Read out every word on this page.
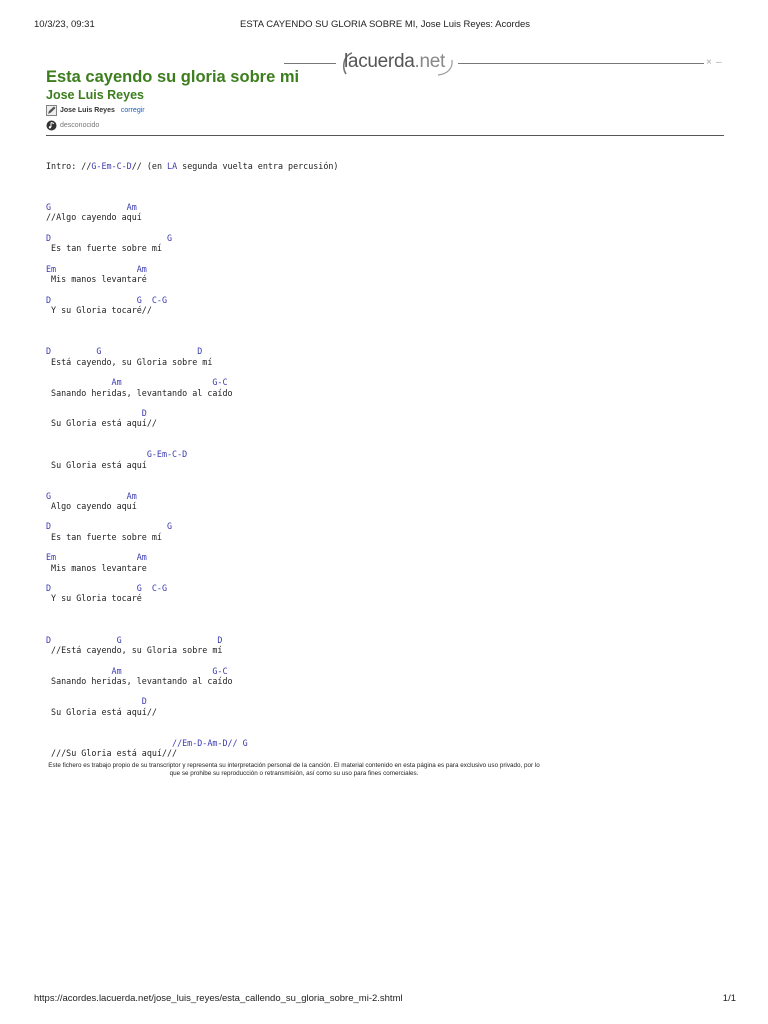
10/3/23, 09:31	ESTA CAYENDO SU GLORIA SOBRE MI, Jose Luis Reyes: Acordes
lacuerda.net	× –
Esta cayendo su gloria sobre mi
Jose Luis Reyes
Jose Luis Reyes corregir
desconocido
Intro: //G-Em-C-D// (en LA segunda vuelta entra percusión)
G               Am
//Algo cayendo aquí
D                       G
Es tan fuerte sobre mí
Em                Am
Mis manos levantaré
D                 G  C-G
Y su Gloria tocaré//
D         G                   D
Está cayendo, su Gloria sobre mí
Am                  G-C
Sanando heridas, levantando al caído
D
Su Gloria está aquí//
G-Em-C-D
Su Gloria está aquí
G               Am
Algo cayendo aquí
D                       G
Es tan fuerte sobre mí
Em                Am
Mis manos levantare
D                 G  C-G
Y su Gloria tocaré
D             G                   D
//Está cayendo, su Gloria sobre mí
Am                  G-C
Sanando heridas, levantando al caído
D
Su Gloria está aquí//
//Em-D-Am-D// G
///Su Gloria está aquí///
Este fichero es trabajo propio de su transcriptor y representa su interpretación personal de la canción. El material contenido en esta página es para exclusivo uso privado, por lo que se prohibe su reproducción o retransmisión, así como su uso para fines comerciales.
https://acordes.lacuerda.net/jose_luis_reyes/esta_callendo_su_gloria_sobre_mi-2.shtml	1/1
